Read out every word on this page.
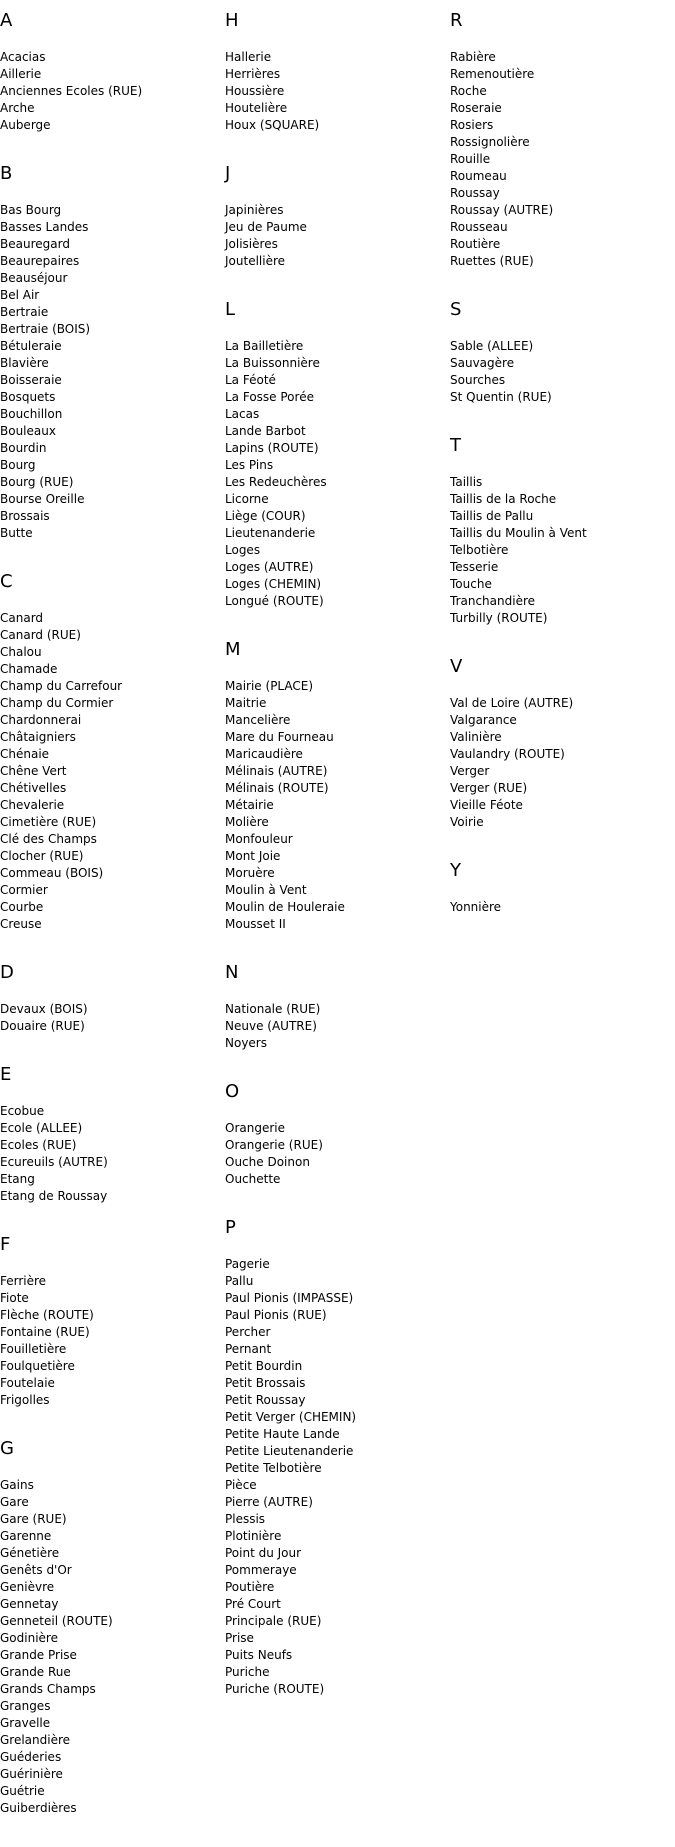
A
Acacias
Aillerie
Anciennes Ecoles (RUE)
Arche
Auberge
B
Bas Bourg
Basses Landes
Beauregard
Beaurepaires
Beauséjour
Bel Air
Bertraie
Bertraie (BOIS)
Bétuleraie
Blavière
Boisseraie
Bosquets
Bouchillon
Bouleaux
Bourdin
Bourg
Bourg (RUE)
Bourse Oreille
Brossais
Butte
C
Canard
Canard (RUE)
Chalou
Chamade
Champ du Carrefour
Champ du Cormier
Chardonnerai
Châtaigniers
Chénaie
Chêne Vert
Chétivelles
Chevalerie
Cimetière (RUE)
Clé des Champs
Clocher (RUE)
Commeau (BOIS)
Cormier
Courbe
Creuse
D
Devaux (BOIS)
Douaire (RUE)
E
Ecobue
Ecole (ALLEE)
Ecoles (RUE)
Ecureuils (AUTRE)
Etang
Etang de Roussay
F
Ferrière
Fiote
Flèche (ROUTE)
Fontaine (RUE)
Fouilletière
Foulquetière
Foutelaie
Frigolles
G
Gains
Gare
Gare (RUE)
Garenne
Génetière
Genêts d'Or
Genièvre
Gennetay
Genneteil (ROUTE)
Godinière
Grande Prise
Grande Rue
Grands Champs
Granges
Gravelle
Grelandière
Guéderies
Guérinière
Guétrie
Guiberdières
H
Hallerie
Herrières
Houssière
Houtelière
Houx (SQUARE)
J
Japinières
Jeu de Paume
Jolisières
Joutellière
L
La Bailletière
La Buissonnière
La Féoté
La Fosse Porée
Lacas
Lande Barbot
Lapins (ROUTE)
Les Pins
Les Redeuchères
Licorne
Liège (COUR)
Lieutenanderie
Loges
Loges (AUTRE)
Loges (CHEMIN)
Longué (ROUTE)
M
Mairie (PLACE)
Maitrie
Mancelière
Mare du Fourneau
Maricaudière
Mélinais (AUTRE)
Mélinais (ROUTE)
Métairie
Molière
Monfouleur
Mont Joie
Moruère
Moulin à Vent
Moulin de Houleraie
Mousset II
N
Nationale (RUE)
Neuve (AUTRE)
Noyers
O
Orangerie
Orangerie (RUE)
Ouche Doinon
Ouchette
P
Pagerie
Pallu
Paul Pionis (IMPASSE)
Paul Pionis (RUE)
Percher
Pernant
Petit Bourdin
Petit Brossais
Petit Roussay
Petit Verger (CHEMIN)
Petite Haute Lande
Petite Lieutenanderie
Petite Telbotière
Pièce
Pierre (AUTRE)
Plessis
Plotinière
Point du Jour
Pommeraye
Poutière
Pré Court
Principale (RUE)
Prise
Puits Neufs
Puriche
Puriche (ROUTE)
R
Rabière
Remenoutière
Roche
Roseraie
Rosiers
Rossignolière
Rouille
Roumeau
Roussay
Roussay (AUTRE)
Rousseau
Routière
Ruettes (RUE)
S
Sable (ALLEE)
Sauvagère
Sourches
St Quentin (RUE)
T
Taillis
Taillis de la Roche
Taillis de Pallu
Taillis du Moulin à Vent
Telbotière
Tesserie
Touche
Tranchandière
Turbilly (ROUTE)
V
Val de Loire (AUTRE)
Valgarance
Valinière
Vaulandry (ROUTE)
Verger
Verger (RUE)
Vieille Féote
Voirie
Y
Yonnière
